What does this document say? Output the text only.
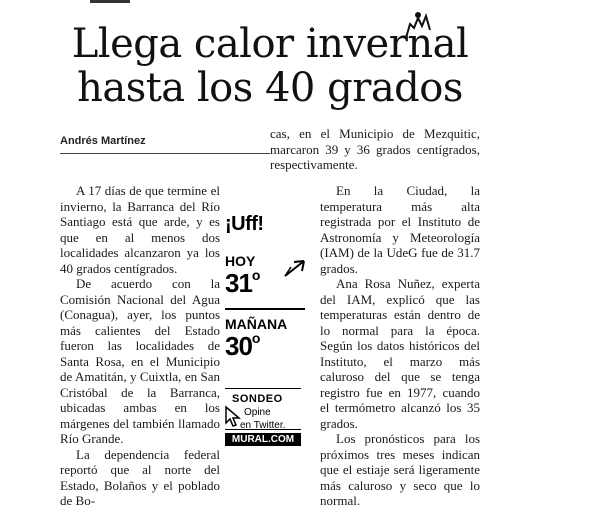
Llega calor invernal
hasta los 40 grados
Andrés Martínez

A 17 días de que termine el invierno, la Barranca del Río Santiago está que arde, y es que en al menos dos localidades alcanzaron ya los 40 grados centígrados.

De acuerdo con la Comisión Nacional del Agua (Conagua), ayer, los puntos más calientes del Estado fueron las localidades de Santa Rosa, en el Municipio de Amatitán, y Cuixtla, en San Cristóbal de la Barranca, ubicadas ambas en los márgenes del también llamado Río Grande.

La dependencia federal reportó que al norte del Estado, Bolaños y el poblado de Bo-

cas, en el Municipio de Mezquitic, marcaron 39 y 36 grados centígrados, respectivamente.

En la Ciudad, la temperatura más alta registrada por el Instituto de Astronomía y Meteorología (IAM) de la UdeG fue de 31.7 grados.

Ana Rosa Nuñez, experta del IAM, explicó que las temperaturas están dentro de lo normal para la época. Según los datos históricos del Instituto, el marzo más caluroso del que se tenga registro fue en 1977, cuando el termómetro alcanzó los 35 grados.

Los pronósticos para los próximos tres meses indican que el estiaje será ligeramente más caluroso y seco que lo normal.

¡Uff!
HOY
31$^o$
MAÑANA
30$^o$
SONDEO
Opine
en Twitter.
MURAL.COM
